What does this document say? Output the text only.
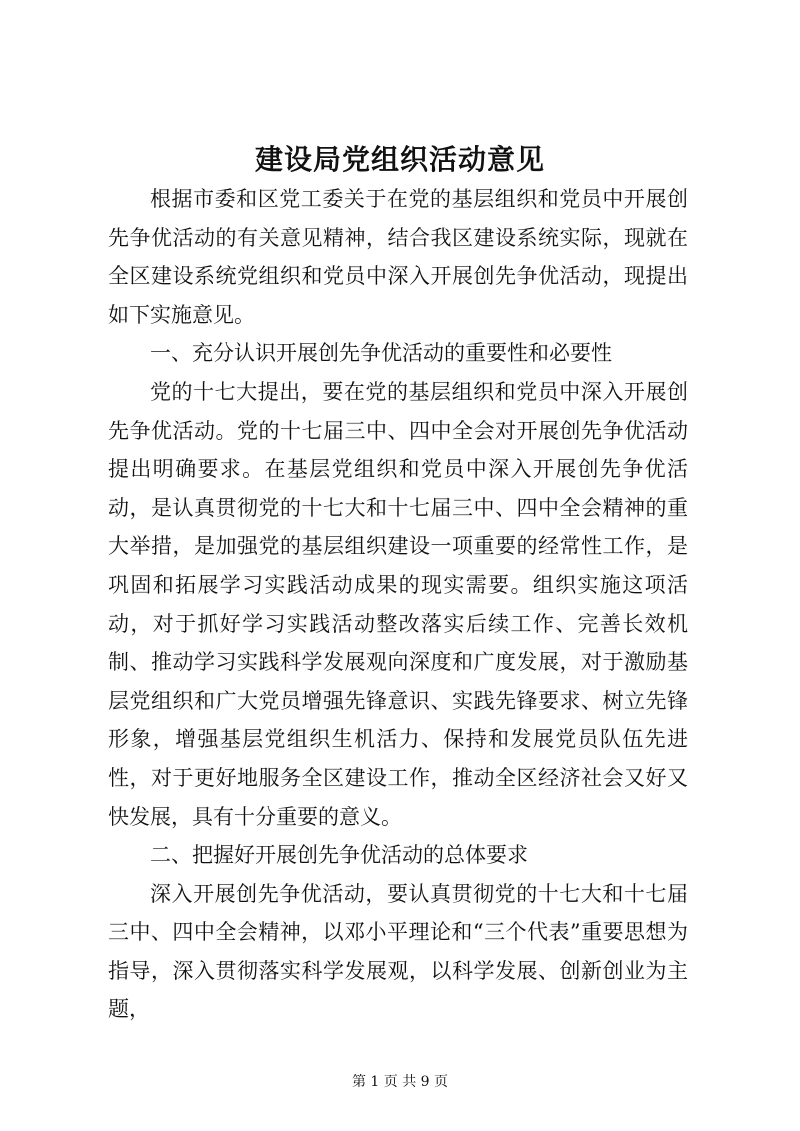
建设局党组织活动意见

根据市委和区党工委关于在党的基层组织和党员中开展创先争优活动的有关意见精神，结合我区建设系统实际，现就在全区建设系统党组织和党员中深入开展创先争优活动，现提出如下实施意见。

一、充分认识开展创先争优活动的重要性和必要性

党的十七大提出，要在党的基层组织和党员中深入开展创先争优活动。党的十七届三中、四中全会对开展创先争优活动提出明确要求。在基层党组织和党员中深入开展创先争优活动，是认真贯彻党的十七大和十七届三中、四中全会精神的重大举措，是加强党的基层组织建设一项重要的经常性工作，是巩固和拓展学习实践活动成果的现实需要。组织实施这项活动，对于抓好学习实践活动整改落实后续工作、完善长效机制、推动学习实践科学发展观向深度和广度发展，对于激励基层党组织和广大党员增强先锋意识、实践先锋要求、树立先锋形象，增强基层党组织生机活力、保持和发展党员队伍先进性，对于更好地服务全区建设工作，推动全区经济社会又好又快发展，具有十分重要的意义。

二、把握好开展创先争优活动的总体要求

深入开展创先争优活动，要认真贯彻党的十七大和十七届三中、四中全会精神，以邓小平理论和“三个代表”重要思想为指导，深入贯彻落实科学发展观，以科学发展、创新创业为主题，

第 1 页 共 9 页
